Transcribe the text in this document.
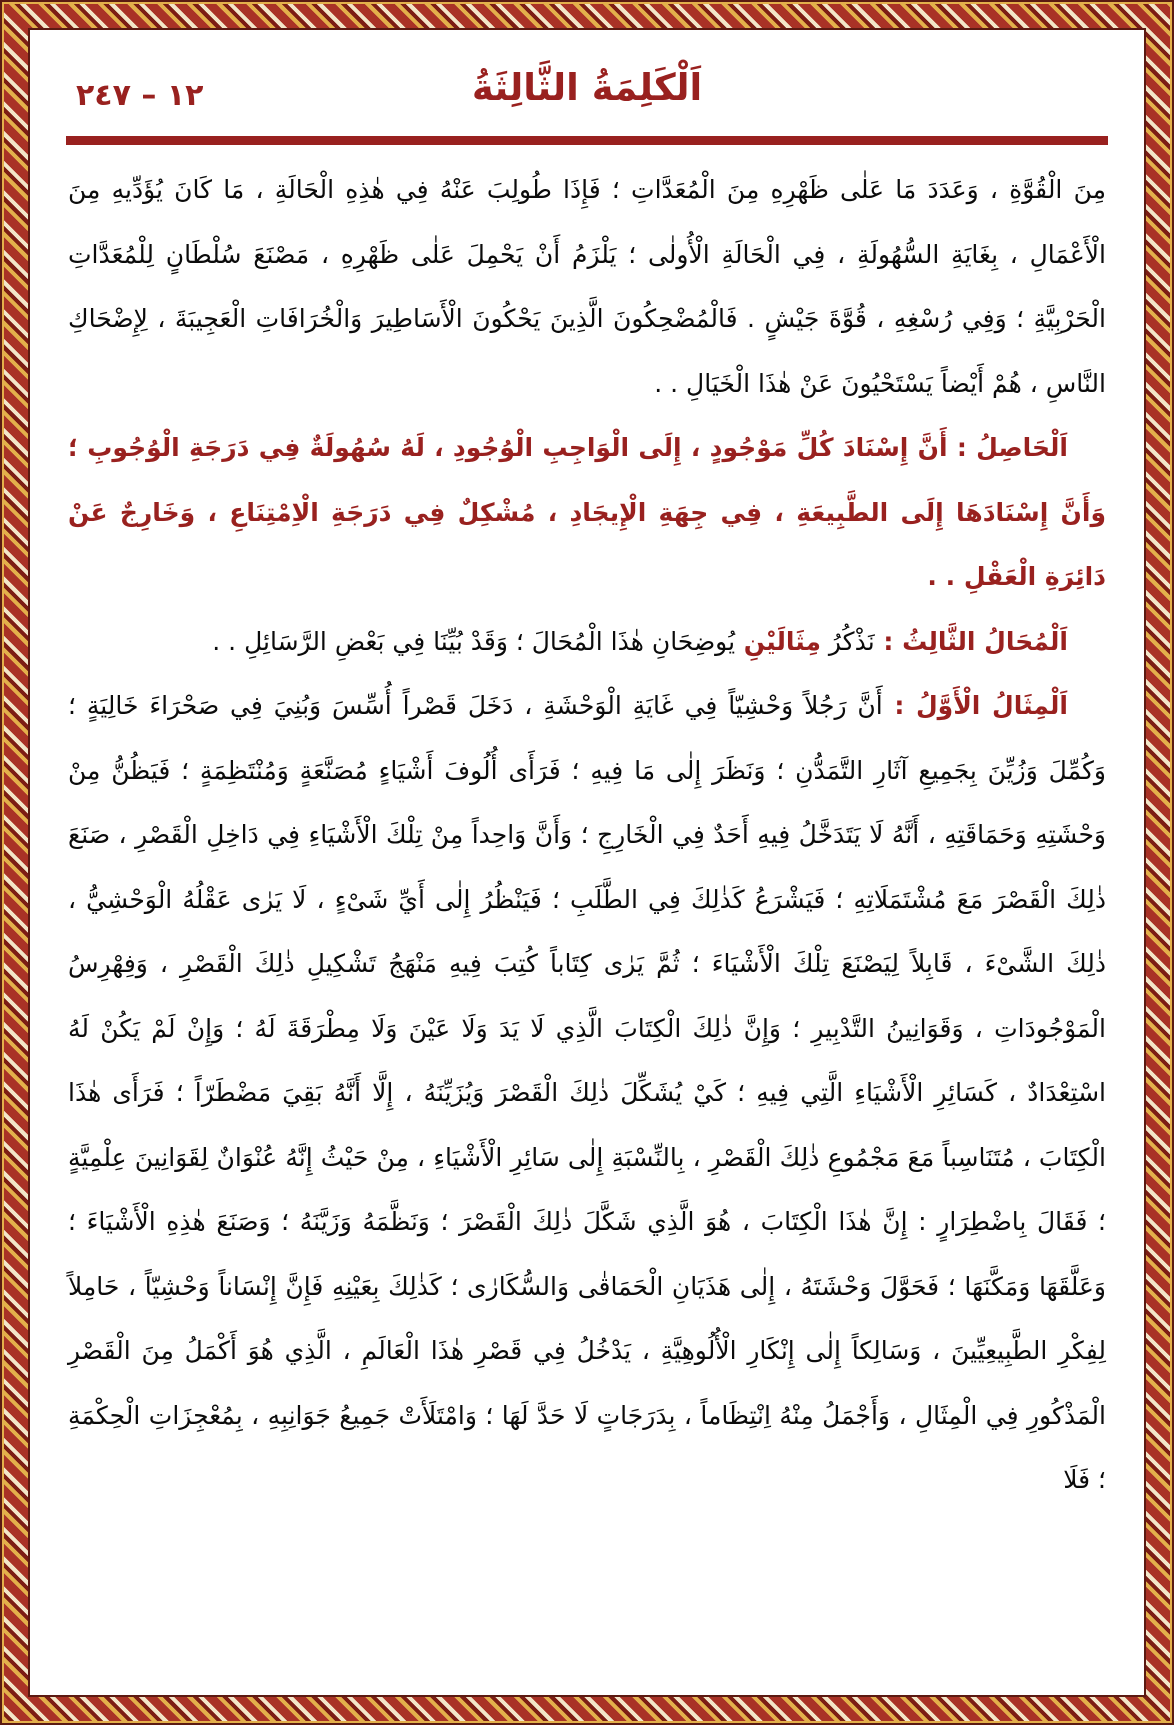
١٢ – ٢٤٧	اَلْكَلِمَةُ الثَّالِثَةُ

مِنَ الْقُوَّةِ ، وَعَدَدَ مَا عَلٰى ظَهْرِهِ مِنَ الْمُعَدَّاتِ ؛ فَإِذَا طُولِبَ عَنْهُ فِي هٰذِهِ الْحَالَةِ ، مَا كَانَ يُؤَدِّيهِ مِنَ الْأَعْمَالِ ، بِغَايَةِ السُّهُولَةِ ، فِي الْحَالَةِ الْأُولٰى ؛ يَلْزَمُ أَنْ يَحْمِلَ عَلٰى ظَهْرِهِ ، مَصْنَعَ سُلْطَانٍ لِلْمُعَدَّاتِ الْحَرْبِيَّةِ ؛ وَفِي رُسْغِهِ ، قُوَّةَ جَيْشٍ . فَالْمُضْحِكُونَ الَّذِينَ يَحْكُونَ الْأَسَاطِيرَ وَالْخُرَافَاتِ الْعَجِيبَةَ ، لِإِضْحَاكِ النَّاسِ ، هُمْ أَيْضاً يَسْتَحْيُونَ عَنْ هٰذَا الْخَيَالِ . .

اَلْحَاصِلُ : أَنَّ إِسْنَادَ كُلِّ مَوْجُودٍ ، إِلَى الْوَاجِبِ الْوُجُودِ ، لَهُ سُهُولَةٌ فِي دَرَجَةِ الْوُجُوبِ ؛ وَأَنَّ إِسْنَادَهَا إِلَى الطَّبِيعَةِ ، فِي جِهَةِ الْإِيجَادِ ، مُشْكِلٌ فِي دَرَجَةِ الْاِمْتِنَاعِ ، وَخَارِجٌ عَنْ دَائِرَةِ الْعَقْلِ . .

اَلْمُحَالُ الثَّالِثُ : نَذْكُرُ مِثَالَيْنِ يُوضِحَانِ هٰذَا الْمُحَالَ ؛ وَقَدْ بُيِّنَا فِي بَعْضِ الرَّسَائِلِ . .

اَلْمِثَالُ الْأَوَّلُ : أَنَّ رَجُلاً وَحْشِيّاً فِي غَايَةِ الْوَحْشَةِ ، دَخَلَ قَصْراً أُسِّسَ وَبُنِيَ فِي صَحْرَاءَ خَالِيَةٍ ؛ وَكُمِّلَ وَزُيِّنَ بِجَمِيعِ آثَارِ التَّمَدُّنِ ؛ وَنَظَرَ إِلٰى مَا فِيهِ ؛ فَرَأَى أُلُوفَ أَشْيَاءٍ مُصَنَّعَةٍ وَمُنْتَظِمَةٍ ؛ فَيَظُنُّ مِنْ وَحْشَتِهِ وَحَمَاقَتِهِ ، أَنَّهُ لَا يَتَدَخَّلُ فِيهِ أَحَدٌ فِي الْخَارِجِ ؛ وَأَنَّ وَاحِداً مِنْ تِلْكَ الْأَشْيَاءِ فِي دَاخِلِ الْقَصْرِ ، صَنَعَ ذٰلِكَ الْقَصْرَ مَعَ مُشْتَمَلَاتِهِ ؛ فَيَشْرَعُ كَذٰلِكَ فِي الطَّلَبِ ؛ فَيَنْظُرُ إِلٰى أَيِّ شَىْءٍ ، لَا يَرٰى عَقْلُهُ الْوَحْشِيُّ ، ذٰلِكَ الشَّىْءَ ، قَابِلاً لِيَصْنَعَ تِلْكَ الْأَشْيَاءَ ؛ ثُمَّ يَرٰى كِتَاباً كُتِبَ فِيهِ مَنْهَجُ تَشْكِيلِ ذٰلِكَ الْقَصْرِ ، وَفِهْرِسُ الْمَوْجُودَاتِ ، وَقَوَانِينُ التَّدْبِيرِ ؛ وَإِنَّ ذٰلِكَ الْكِتَابَ الَّذِي لَا يَدَ وَلَا عَيْنَ وَلَا مِطْرَقَةَ لَهُ ؛ وَإِنْ لَمْ يَكُنْ لَهُ اسْتِعْدَادٌ ، كَسَائِرِ الْأَشْيَاءِ الَّتِي فِيهِ ؛ كَيْ يُشَكِّلَ ذٰلِكَ الْقَصْرَ وَيُزَيِّنَهُ ، إِلَّا أَنَّهُ بَقِيَ مَضْطَرّاً ؛ فَرَأَى هٰذَا الْكِتَابَ ، مُتَنَاسِباً مَعَ مَجْمُوعِ ذٰلِكَ الْقَصْرِ ، بِالنِّسْبَةِ إِلٰى سَائِرِ الْأَشْيَاءِ ، مِنْ حَيْثُ إِنَّهُ عُنْوَانٌ لِقَوَانِينَ عِلْمِيَّةٍ ؛ فَقَالَ بِاضْطِرَارٍ : إِنَّ هٰذَا الْكِتَابَ ، هُوَ الَّذِي شَكَّلَ ذٰلِكَ الْقَصْرَ ؛ وَنَظَّمَهُ وَزَيَّنَهُ ؛ وَصَنَعَ هٰذِهِ الْأَشْيَاءَ ؛ وَعَلَّقَهَا وَمَكَّنَهَا ؛ فَحَوَّلَ وَحْشَتَهُ ، إِلٰى هَذَيَانِ الْحَمَاقٰى وَالسُّكَارٰى ؛ كَذٰلِكَ بِعَيْنِهِ فَإِنَّ إِنْسَاناً وَحْشِيّاً ، حَامِلاً لِفِكْرِ الطَّبِيعِيِّينَ ، وَسَالِكاً إِلٰى إِنْكَارِ الْأُلُوهِيَّةِ ، يَدْخُلُ فِي قَصْرِ هٰذَا الْعَالَمِ ، الَّذِي هُوَ أَكْمَلُ مِنَ الْقَصْرِ الْمَذْكُورِ فِي الْمِثَالِ ، وَأَجْمَلُ مِنْهُ اِنْتِظَاماً ، بِدَرَجَاتٍ لَا حَدَّ لَهَا ؛ وَامْتَلَأَتْ جَمِيعُ جَوَانِبِهِ ، بِمُعْجِزَاتِ الْحِكْمَةِ ؛ فَلَا
